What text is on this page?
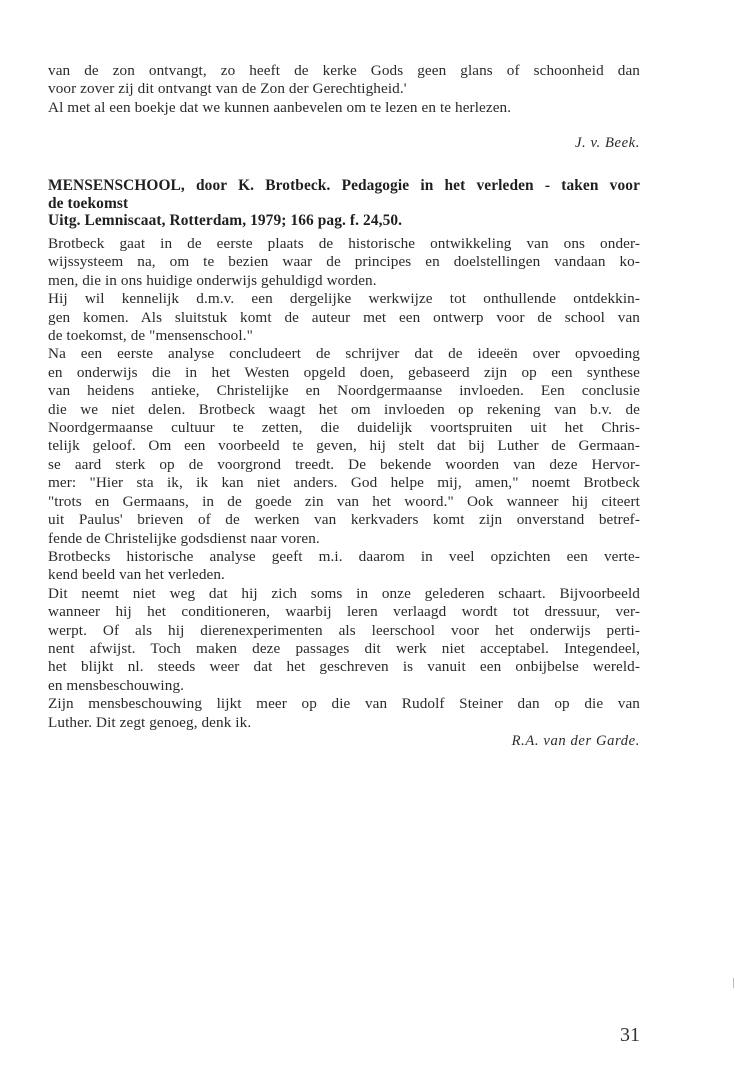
van de zon ontvangt, zo heeft de kerke Gods geen glans of schoonheid dan
voor zover zij dit ontvangt van de Zon der Gerechtigheid.'
Al met al een boekje dat we kunnen aanbevelen om te lezen en te herlezen.
J. v. Beek.
MENSENSCHOOL, door K. Brotbeck. Pedagogie in het verleden - taken voor
de toekomst
Uitg. Lemniscaat, Rotterdam, 1979; 166 pag. f. 24,50.
Brotbeck gaat in de eerste plaats de historische ontwikkeling van ons onder-
wijssysteem na, om te bezien waar de principes en doelstellingen vandaan ko-
men, die in ons huidige onderwijs gehuldigd worden.
Hij wil kennelijk d.m.v. een dergelijke werkwijze tot onthullende ontdekkin-
gen komen. Als sluitstuk komt de auteur met een ontwerp voor de school van
de toekomst, de "mensenschool."
Na een eerste analyse concludeert de schrijver dat de ideeën over opvoeding
en onderwijs die in het Westen opgeld doen, gebaseerd zijn op een synthese
van heidens antieke, Christelijke en Noordgermaanse invloeden. Een conclusie
die we niet delen. Brotbeck waagt het om invloeden op rekening van b.v. de
Noordgermaanse cultuur te zetten, die duidelijk voortspruiten uit het Chris-
telijk geloof. Om een voorbeeld te geven, hij stelt dat bij Luther de Germaan-
se aard sterk op de voorgrond treedt. De bekende woorden van deze Hervor-
mer: "Hier sta ik, ik kan niet anders. God helpe mij, amen," noemt Brotbeck
"trots en Germaans, in de goede zin van het woord." Ook wanneer hij citeert
uit Paulus' brieven of de werken van kerkvaders komt zijn onverstand betref-
fende de Christelijke godsdienst naar voren.
Brotbecks historische analyse geeft m.i. daarom in veel opzichten een verte-
kend beeld van het verleden.
Dit neemt niet weg dat hij zich soms in onze gelederen schaart. Bijvoorbeeld
wanneer hij het conditioneren, waarbij leren verlaagd wordt tot dressuur, ver-
werpt. Of als hij dierenexperimenten als leerschool voor het onderwijs perti-
nent afwijst. Toch maken deze passages dit werk niet acceptabel. Integendeel,
het blijkt nl. steeds weer dat het geschreven is vanuit een onbijbelse wereld-
en mensbeschouwing.
Zijn mensbeschouwing lijkt meer op die van Rudolf Steiner dan op die van
Luther. Dit zegt genoeg, denk ik.
R.A. van der Garde.
31
